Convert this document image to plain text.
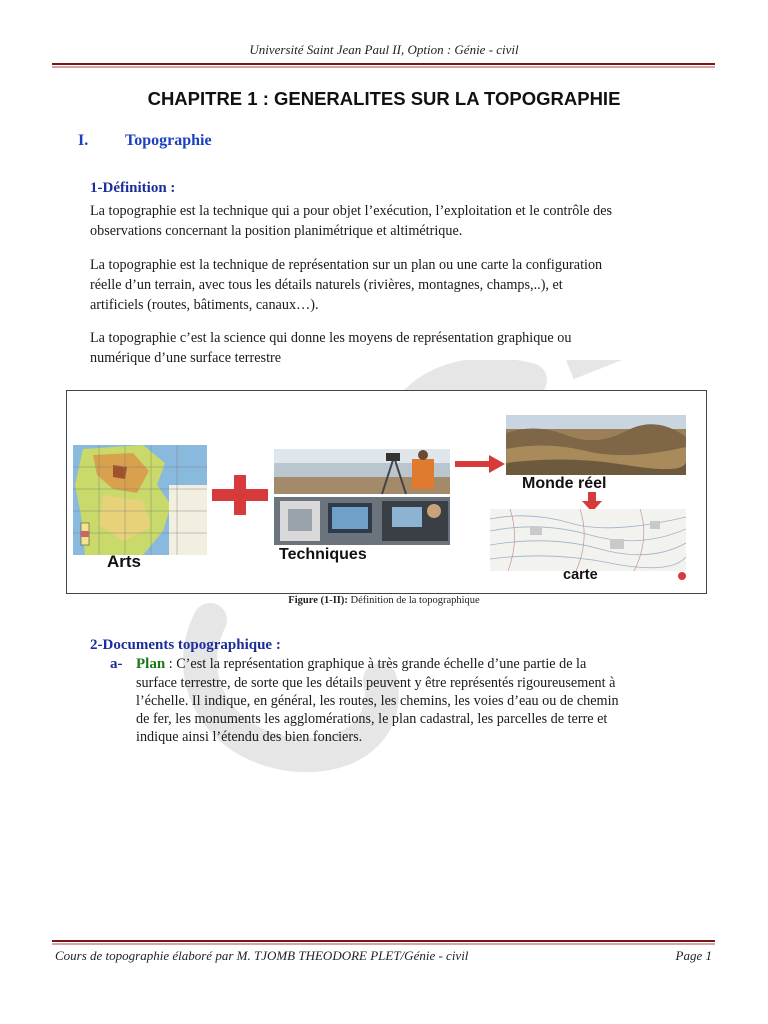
Université Saint Jean Paul II, Option : Génie - civil
CHAPITRE 1 : GENERALITES SUR LA TOPOGRAPHIE
I. Topographie
1-Définition :
La topographie est la technique qui a pour objet l’exécution, l’exploitation et le contrôle des
observations concernant la position planimétrique et altimétrique.
La topographie est la technique de représentation sur un plan ou une carte la configuration
réelle d’un terrain, avec tous les détails naturels (rivières, montagnes, champs,..), et
artificiels (routes, bâtiments, canaux…).
La topographie c’est la science qui donne les moyens de représentation graphique ou
numérique d’une surface terrestre
Arts	Techniques
Monde réel
carte
Figure (1-II): Définition de la topographique
2-Documents topographique :
a- Plan : C’est la représentation graphique à très grande échelle d’une partie de la
surface terrestre, de sorte que les détails peuvent y être représentés rigoureusement à
l’échelle. Il indique, en général, les routes, les chemins, les voies d’eau ou de chemin
de fer, les monuments les agglomérations, le plan cadastral, les parcelles de terre et
indique ainsi l’étendu des bien fonciers.
Cours de topographie élaboré par M. TJOMB THEODORE PLET/Génie - civil	Page 1
